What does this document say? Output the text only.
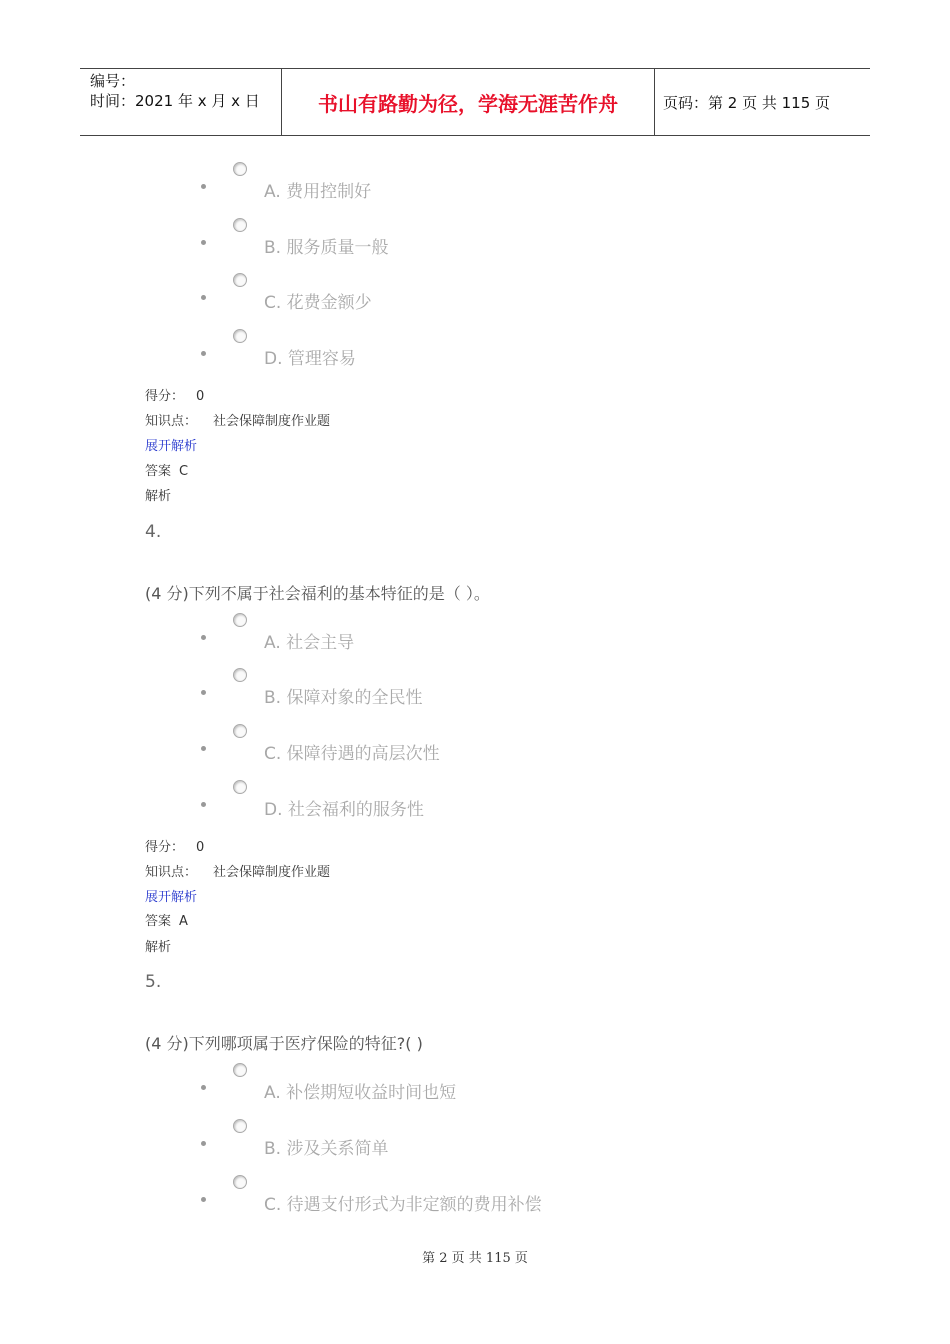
编号：
时间：2021 年 x 月 x 日	书山有路勤为径，学海无涯苦作舟	页码：第 2 页 共 115 页
A. 费用控制好
B. 服务质量一般
C. 花费金额少
D. 管理容易
得分： 0
知识点： 社会保障制度作业题
展开解析
答案 C
解析
4.
(4 分)下列不属于社会福利的基本特征的是（ ）。
A. 社会主导
B. 保障对象的全民性
C. 保障待遇的高层次性
D. 社会福利的服务性
得分： 0
知识点： 社会保障制度作业题
展开解析
答案 A
解析
5.
(4 分)下列哪项属于医疗保险的特征?( )
A. 补偿期短收益时间也短
B. 涉及关系简单
C. 待遇支付形式为非定额的费用补偿
第 2 页 共 115 页
